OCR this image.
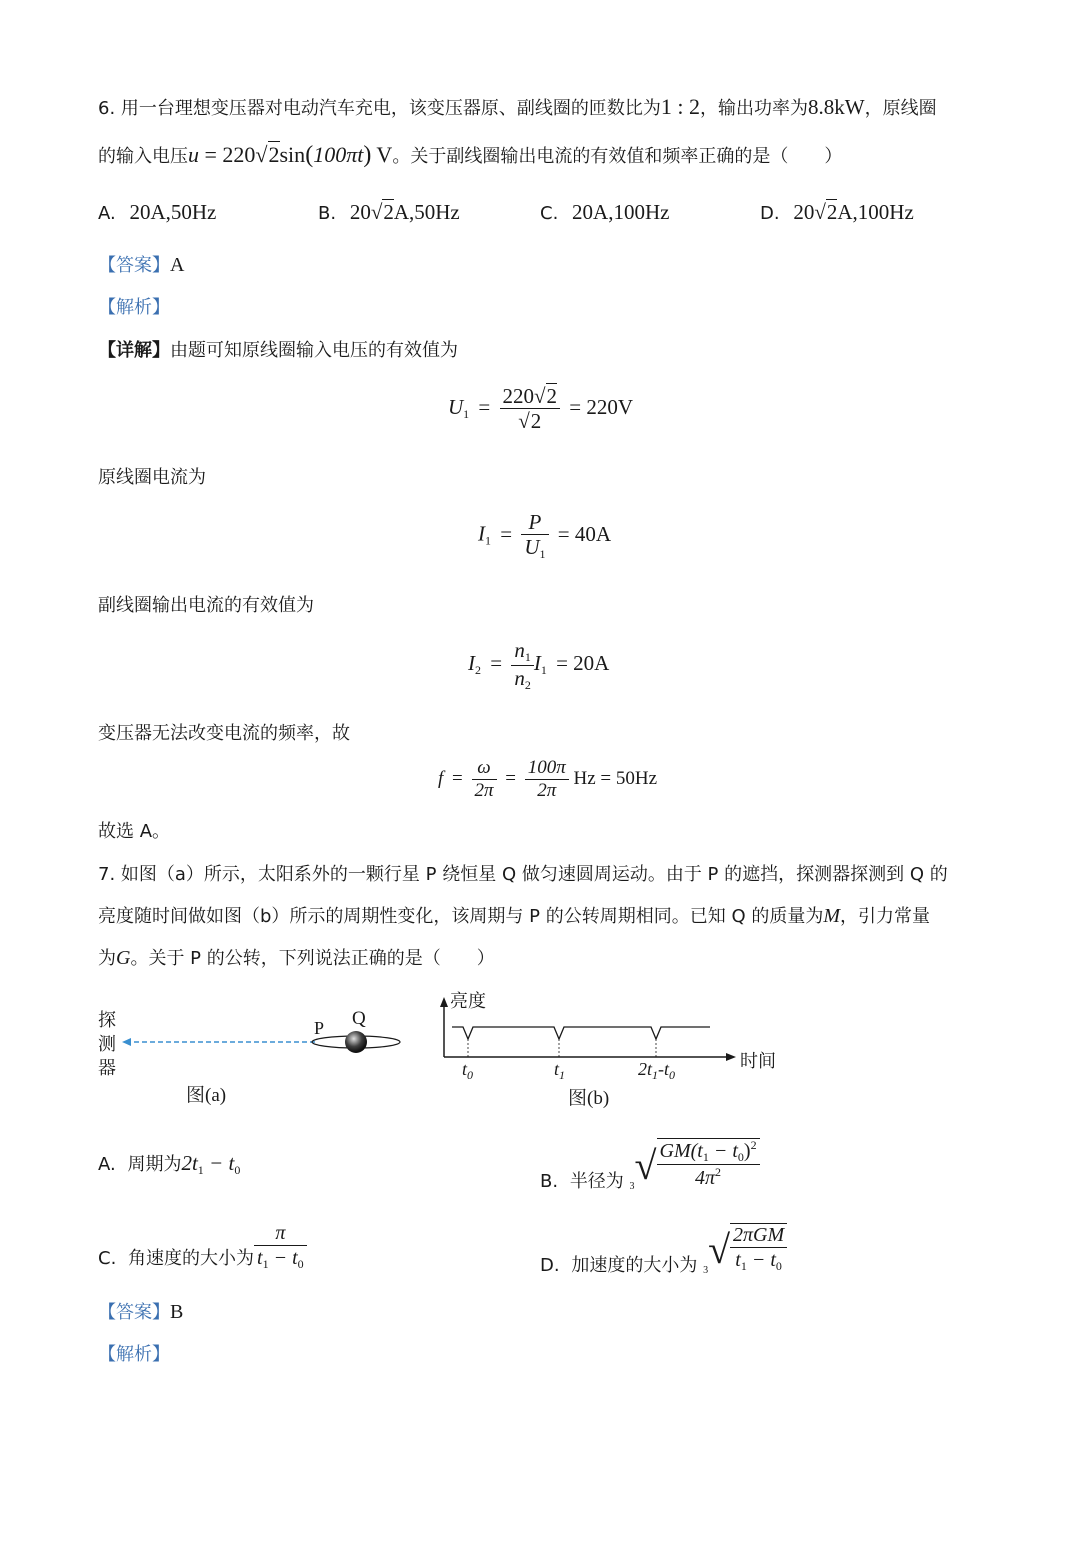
6. 用一台理想变压器对电动汽车充电，该变压器原、副线圈的匝数比为1 : 2，输出功率为8.8kW，原线圈
的输入电压u = 220√2sin(100πt) V。关于副线圈输出电流的有效值和频率正确的是（　　）
A. 20A,50Hz	B. 20√2A,50Hz	C. 20A,100Hz	D. 20√2A,100Hz
【答案】A
【解析】
【详解】由题可知原线圈输入电压的有效值为
$U_1 = \frac{220√2}{√2} = 220V$
原线圈电流为
$I_1 = \frac{P}{U_1} = 40A$
副线圈输出电流的有效值为
$I_2 = \frac{n_1}{n_2} I_1 = 20A$
变压器无法改变电流的频率，故
$f = \frac{\omega}{2\pi} = \frac{100\pi}{2\pi}$ Hz = 50Hz
故选 A。
7. 如图（a）所示，太阳系外的一颗行星 P 绕恒星 Q 做匀速圆周运动。由于 P 的遮挡，探测器探测到 Q 的
亮度随时间做如图（b）所示的周期性变化，该周期与 P 的公转周期相同。已知 Q 的质量为M，引力常量
为G。关于 P 的公转，下列说法正确的是（　　）
探
测
器
P Q
图(a)
亮度
时间
$t_0$	$t_1$	$2t_1-t_0$
图(b)
A. 周期为$2t_1 - t_0$
B. 半径为 $_3√ \frac{GM(t_1 - t_0)^2}{4\pi^2}$
C. 角速度的大小为 $\frac{\pi}{t_1 - t_0}$	D. 加速度的大小为 $_3√ \frac{\text{2πGM}}{t_1 - t_0}$
【答案】B
【解析】
